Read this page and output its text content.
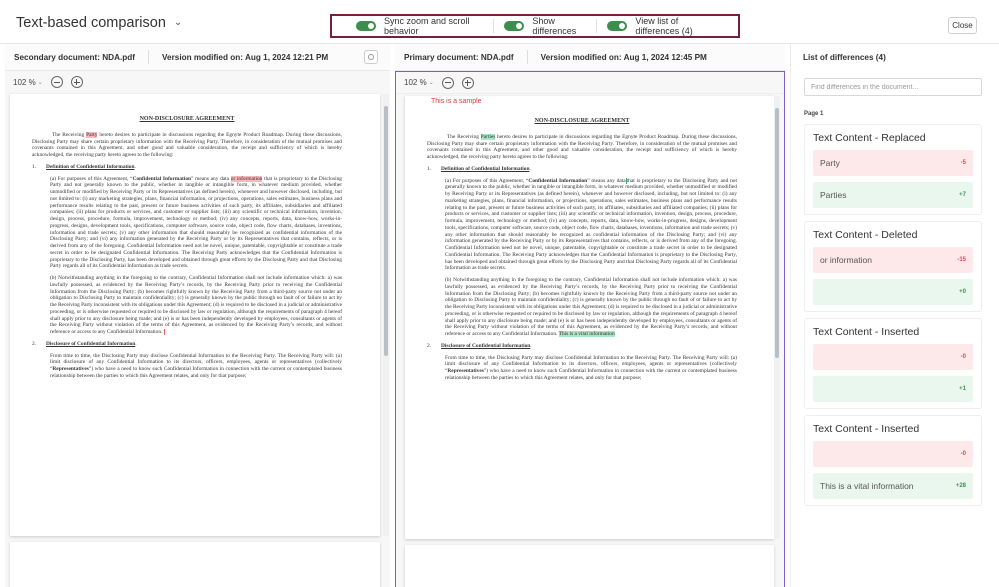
Text-based comparison ⌄	Sync zoom and scroll behavior
Show differences
View list of differences (4)
Close
Secondary document: NDA.pdf	Version modified on: Aug 1, 2024 12:21 PM
102 % ⌄
NON-DISCLOSURE AGREEMENT

The Receiving Party hereto desires to participate in discussions regarding the Egnyte Product Roadmap. During these discussions, Disclosing Party may share certain proprietary information with the Receiving Party. Therefore, in consideration of the mutual promises and covenants contained in this Agreement, and other good and valuable consideration, the receipt and sufficiency of which is hereby acknowledged, the receiving party hereto agrees to the following:

1. Definition of Confidential Information.

(a) For purposes of this Agreement, “Confidential Information” means any data or information that is proprietary to the Disclosing Party and not generally known to the public, whether in tangible or intangible form, in whatever medium provided, whether unmodified or modified by Receiving Party or its Representatives (as defined herein), whenever and however disclosed, including, but not limited to: (i) any marketing strategies, plans, financial information, or projections, operations, sales estimates, business plans and performance results relating to the past, present or future business activities of such party, its affiliates, subsidiaries and affiliated companies; (ii) plans for products or services, and customer or supplier lists; (iii) any scientific or technical information, invention, design, process, procedure, formula, improvement, technology or method; (iv) any concepts, reports, data, know-how, works-in-progress, designs, development tools, specifications, computer software, source code, object code, flow charts, databases, inventions, information and trade secrets; (v) any other information that should reasonably be recognized as confidential information of the Disclosing Party; and (vi) any information generated by the Receiving Party or by its Representatives that contains, reflects, or is derived from any of the foregoing. Confidential Information need not be novel, unique, patentable, copyrightable or constitute a trade secret in order to be designated Confidential Information. The Receiving Party acknowledges that the Confidential Information is proprietary to the Disclosing Party, has been developed and obtained through great efforts by the Disclosing Party and that Disclosing Party regards all of its Confidential Information as trade secrets.

(b) Notwithstanding anything in the foregoing to the contrary, Confidential Information shall not include information which: a) was lawfully possessed, as evidenced by the Receiving Party’s records, by the Receiving Party prior to receiving the Confidential Information from the Disclosing Party; (b) becomes rightfully known by the Receiving Party from a third-party source not under an obligation to Disclosing Party to maintain confidentiality; (c) is generally known by the public through no fault of or failure to act by the Receiving Party inconsistent with its obligations under this Agreement; (d) is required to be disclosed in a judicial or administrative proceeding, or is otherwise requested or required to be disclosed by law or regulation, although the requirements of paragraph 4 hereof shall apply prior to any disclosure being made; and (e) is or has been independently developed by employees, consultants or agents of the Receiving Party without violation of the terms of this Agreement, as evidenced by the Receiving Party’s records, and without reference or access to any Confidential Information.

2. Disclosure of Confidential Information.

From time to time, the Disclosing Party may disclose Confidential Information to the Receiving Party. The Receiving Party will: (a) limit disclosure of any Confidential Information to its directors, officers, employees, agents or representatives (collectively “Representatives”) who have a need to know such Confidential Information in connection with the current or contemplated business relationship between the parties to which this Agreement relates, and only for that purpose;

Primary document: NDA.pdf	Version modified on: Aug 1, 2024 12:45 PM
102 % ⌄
This is a sample
NON-DISCLOSURE AGREEMENT

The Receiving Parties hereto desires to participate in discussions regarding the Egnyte Product Roadmap. During these discussions, Disclosing Party may share certain proprietary information with the Receiving Party. Therefore, in consideration of the mutual promises and covenants contained in this Agreement, and other good and valuable consideration, the receipt and sufficiency of which is hereby acknowledged, the receiving party hereto agrees to the following:

1. Definition of Confidential Information.

(a) For purposes of this Agreement, “Confidential Information” means any datathat is proprietary to the Disclosing Party and not generally known to the public, whether in tangible or intangible form, in whatever medium provided, whether unmodified or modified by Receiving Party or its Representatives (as defined herein), whenever and however disclosed, including, but not limited to: (i) any marketing strategies, plans, financial information, or projections, operations, sales estimates, business plans and performance results relating to the past, present or future business activities of such party, its affiliates, subsidiaries and affiliated companies; (ii) plans for products or services, and customer or supplier lists; (iii) any scientific or technical information, invention, design, process, procedure, formula, improvement, technology or method; (iv) any concepts, reports, data, know-how, works-in-progress, designs, development tools, specifications, computer software, source code, object code, flow charts, databases, inventions, information and trade secrets; (v) any other information that should reasonably be recognized as confidential information of the Disclosing Party; and (vi) any information generated by the Receiving Party or by its Representatives that contains, reflects, or is derived from any of the foregoing. Confidential Information need not be novel, unique, patentable, copyrightable or constitute a trade secret in order to be designated Confidential Information. The Receiving Party acknowledges that the Confidential Information is proprietary to the Disclosing Party, has been developed and obtained through great efforts by the Disclosing Party and that Disclosing Party regards all of its Confidential Information as trade secrets.

(b) Notwithstanding anything in the foregoing to the contrary, Confidential Information shall not include information which: a) was lawfully possessed, as evidenced by the Receiving Party’s records, by the Receiving Party prior to receiving the Confidential Information from the Disclosing Party; (b) becomes rightfully known by the Receiving Party from a third-party source not under an obligation to Disclosing Party to maintain confidentiality; (c) is generally known by the public through no fault of or failure to act by the Receiving Party inconsistent with its obligations under this Agreement; (d) is required to be disclosed in a judicial or administrative proceeding, or is otherwise requested or required to be disclosed by law or regulation, although the requirements of paragraph 4 hereof shall apply prior to any disclosure being made; and (e) is or has been independently developed by employees, consultants or agents of the Receiving Party without violation of the terms of this Agreement, as evidenced by the Receiving Party’s records, and without reference or access to any Confidential Information. This is a vital information

2. Disclosure of Confidential Information.

From time to time, the Disclosing Party may disclose Confidential Information to the Receiving Party. The Receiving Party will: (a) limit disclosure of any Confidential Information to its directors, officers, employees, agents or representatives (collectively “Representatives”) who have a need to know such Confidential Information in connection with the current or contemplated business relationship between the parties to which this Agreement relates, and only for that purpose;

List of differences (4)
Find differences in the document...
Page 1
Text Content - Replaced
Party	-5
Parties	+7
Text Content - Deleted
or information	-15
+0
Text Content - Inserted
-0
+1
Text Content - Inserted
-0
This is a vital information	+28
